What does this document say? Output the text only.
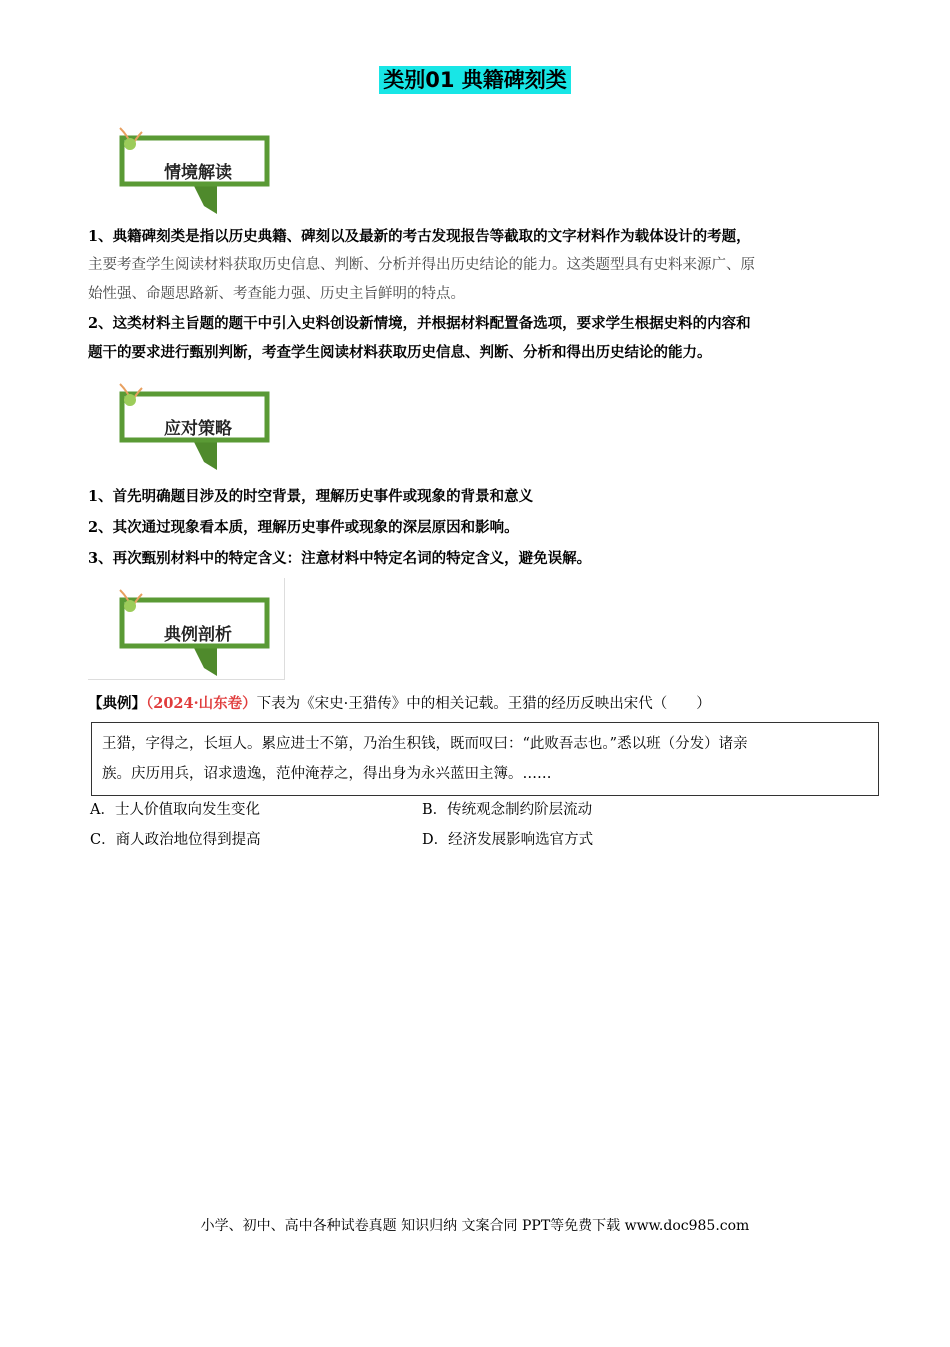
类别01 典籍碑刻类
情境解读
1、典籍碑刻类是指以历史典籍、碑刻以及最新的考古发现报告等截取的文字材料作为载体设计的考题，
主要考查学生阅读材料获取历史信息、判断、分析并得出历史结论的能力。这类题型具有史料来源广、原
始性强、命题思路新、考查能力强、历史主旨鲜明的特点。
2、这类材料主旨题的题干中引入史料创设新情境，并根据材料配置备选项，要求学生根据史料的内容和
题干的要求进行甄别判断，考查学生阅读材料获取历史信息、判断、分析和得出历史结论的能力。
应对策略
1、首先明确题目涉及的时空背景，理解历史事件或现象的背景和意义
2、其次通过现象看本质，理解历史事件或现象的深层原因和影响。
3、再次甄别材料中的特定含义：注意材料中特定名词的特定含义，避免误解。
典例剖析
【典例】（2024·山东卷）下表为《宋史·王猎传》中的相关记载。王猎的经历反映出宋代（　　）
王猎，字得之，长垣人。累应进士不第，乃治生积钱，既而叹曰：“此败吾志也。”悉以班（分发）诸亲
族。庆历用兵，诏求遗逸，范仲淹荐之，得出身为永兴蓝田主簿。……
A．士人价值取向发生变化	B．传统观念制约阶层流动
C．商人政治地位得到提高	D．经济发展影响选官方式
小学、初中、高中各种试卷真题 知识归纳 文案合同 PPT等免费下载 www.doc985.com
